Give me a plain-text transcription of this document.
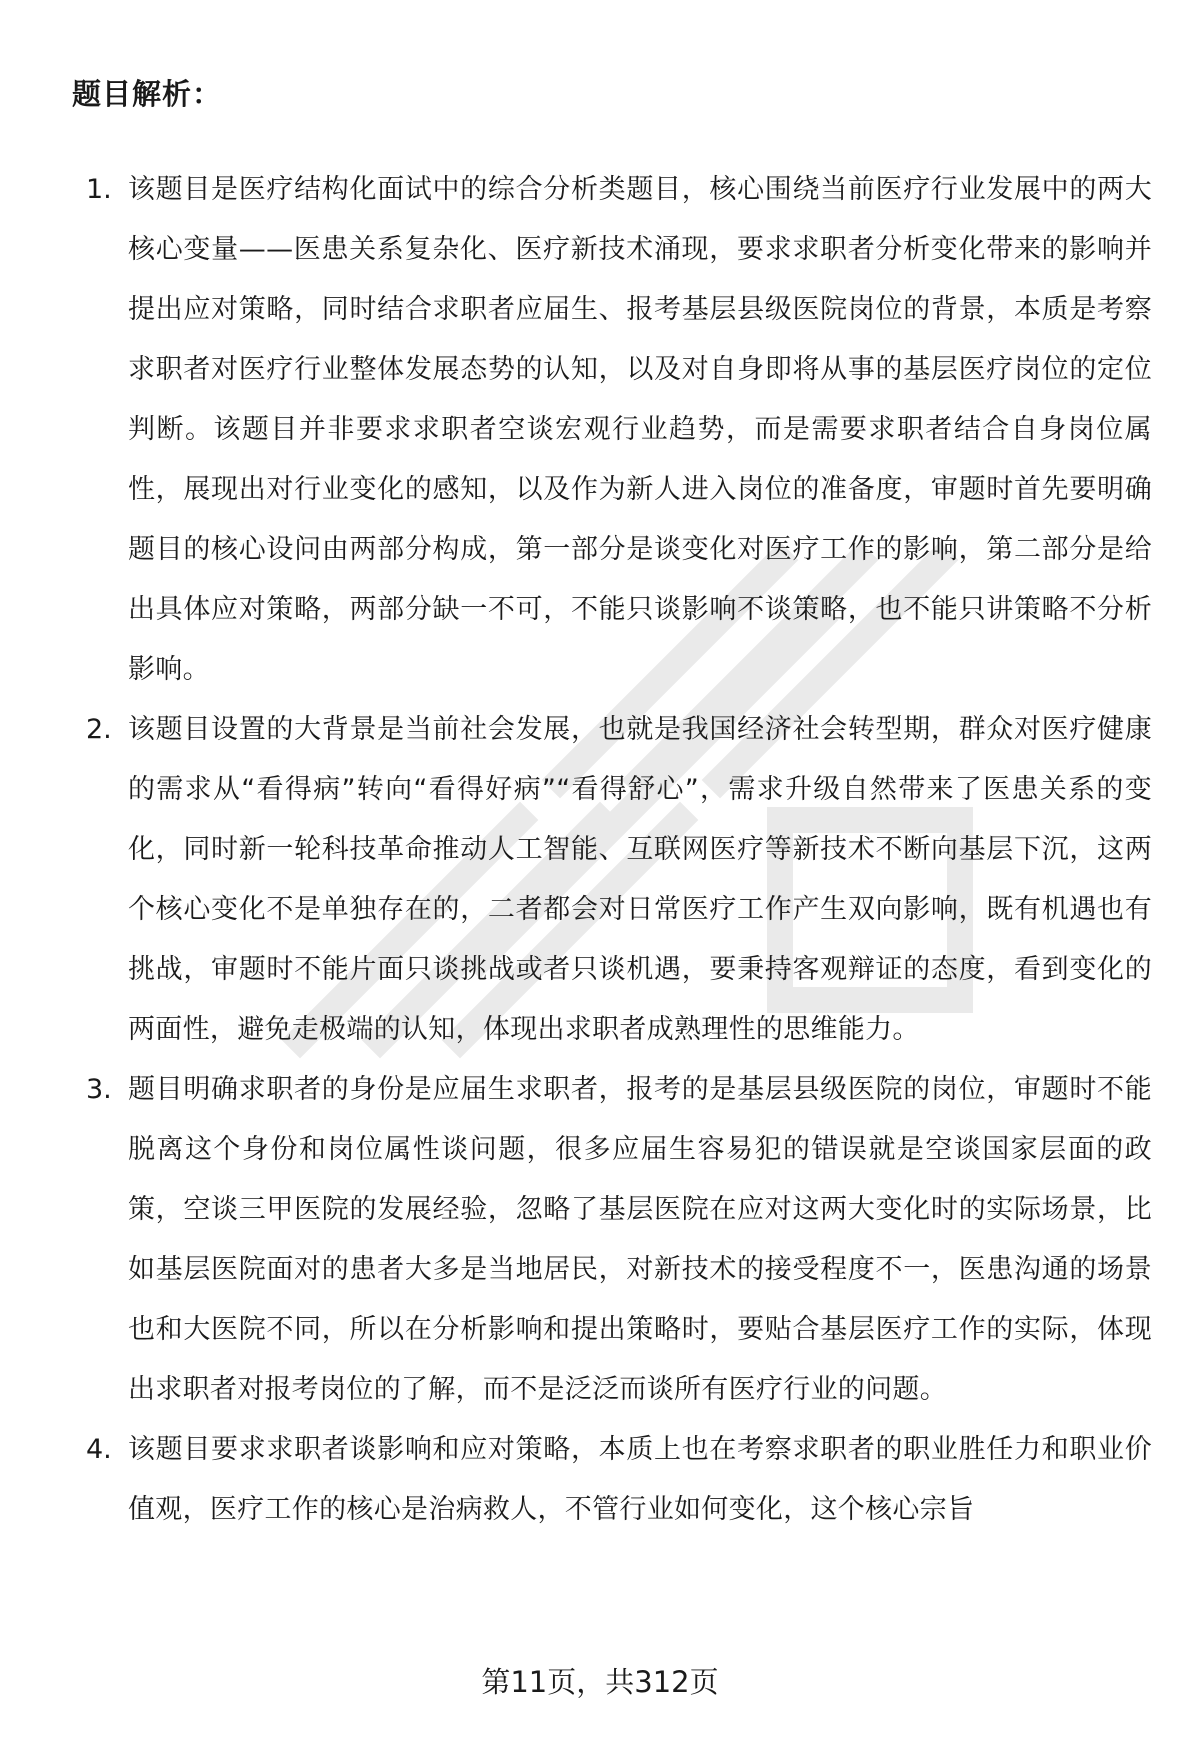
题目解析：
1. 该题目是医疗结构化面试中的综合分析类题目，核心围绕当前医疗行业发展中的两大核心变量——医患关系复杂化、医疗新技术涌现，要求求职者分析变化带来的影响并提出应对策略，同时结合求职者应届生、报考基层县级医院岗位的背景，本质是考察求职者对医疗行业整体发展态势的认知，以及对自身即将从事的基层医疗岗位的定位判断。该题目并非要求求职者空谈宏观行业趋势，而是需要求职者结合自身岗位属性，展现出对行业变化的感知，以及作为新人进入岗位的准备度，审题时首先要明确题目的核心设问由两部分构成，第一部分是谈变化对医疗工作的影响，第二部分是给出具体应对策略，两部分缺一不可，不能只谈影响不谈策略，也不能只讲策略不分析影响。
2. 该题目设置的大背景是当前社会发展，也就是我国经济社会转型期，群众对医疗健康的需求从“看得病”转向“看得好病”“看得舒心”，需求升级自然带来了医患关系的变化，同时新一轮科技革命推动人工智能、互联网医疗等新技术不断向基层下沉，这两个核心变化不是单独存在的，二者都会对日常医疗工作产生双向影响，既有机遇也有挑战，审题时不能片面只谈挑战或者只谈机遇，要秉持客观辩证的态度，看到变化的两面性，避免走极端的认知，体现出求职者成熟理性的思维能力。
3. 题目明确求职者的身份是应届生求职者，报考的是基层县级医院的岗位，审题时不能脱离这个身份和岗位属性谈问题，很多应届生容易犯的错误就是空谈国家层面的政策，空谈三甲医院的发展经验，忽略了基层医院在应对这两大变化时的实际场景，比如基层医院面对的患者大多是当地居民，对新技术的接受程度不一，医患沟通的场景也和大医院不同，所以在分析影响和提出策略时，要贴合基层医疗工作的实际，体现出求职者对报考岗位的了解，而不是泛泛而谈所有医疗行业的问题。
4. 该题目要求求职者谈影响和应对策略，本质上也在考察求职者的职业胜任力和职业价值观，医疗工作的核心是治病救人，不管行业如何变化，这个核心宗旨

第11页，共312页
